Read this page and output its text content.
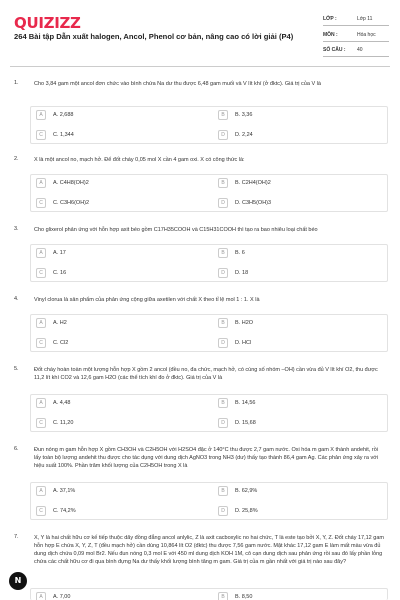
QUIZIZZ
264 Bài tập Dẫn xuất halogen, Ancol, Phenol cơ bản, nâng cao có lời giải (P4)
LỚP :	Lớp 11
MÔN :	Hóa học
SỐ CÂU : 40
1.	Cho 3,84 gam một ancol đơn chức vào bình chứa Na dư thu được 6,48 gam muối và V lít khí (ở đktc). Giá trị của V là
A	A. 2,688	B	B. 3,36
C	C. 1,344	D	D. 2,24
2.	X là một ancol no, mạch hở. Để đốt cháy 0,05 mol X cần 4 gam oxi. X có công thức là:
A	A. C4H8(OH)2	B	B. C2H4(OH)2
C	C. C3H6(OH)2	D	D. C3H5(OH)3
3.	Cho glixerol phản ứng với hỗn hợp axit béo gồm C17H35COOH và C15H31COOH thì tạo ra bao nhiêu loại chất béo
A	A. 17	B	B. 6
C	C. 16	D	D. 18
4.	Vinyl clorua là sản phẩm của phản ứng cộng giữa axetilen với chất X theo tỉ lệ mol 1 : 1. X là
A	A. H2	B	B. H2O
C	C. Cl2	D	D. HCl
5.	Đốt cháy hoàn toàn một lượng hỗn hợp X gồm 2 ancol (đều no, đa chức, mạch hở, có cùng số nhóm –OH) cần vừa đủ V lít khí O2, thu được 11,2 lít khí CO2 và 12,6 gam H2O (các thể tích khí đo ở đktc). Giá trị của V là
A	A. 4,48	B	B. 14,56
C	C. 11,20	D	D. 15,68
6.	Đun nóng m gam hỗn hợp X gồm CH3OH và C2H5OH với H2SO4 đặc ở 140°C thu được 2,7 gam nước. Oxi hóa m gam X thành andehit, rồi lấy toàn bộ lượng andehit thu được cho tác dụng với dung dịch AgNO3 trong NH3 (dư) thấy tạo thành 86,4 gam Ag. Các phản ứng xảy ra với hiệu suất 100%. Phần trăm khối lượng của C2H5OH trong X là
A	A. 37,1%	B	B. 62,9%
C	C. 74,2%	D	D. 25,8%
7.	X, Y là hai chất hữu cơ kế tiếp thuộc dãy đồng đẳng ancol anlylic, Z là axit cacboxylic no hai chức, T là este tạo bởi X, Y, Z. Đốt cháy 17,12 gam hỗn hợp E chứa X, Y, Z, T (đều mạch hở) cần dùng 10,864 lít O2 (đktc) thu được 7,56 gam nước. Mặt khác 17,12 gam E làm mất màu vừa đủ dung dịch chứa 0,09 mol Br2. Nếu đun nóng 0,3 mol E với 450 ml dung dịch KOH 1M, cô cạn dung dịch sau phản ứng rồi sau đó lấy phần lỏng chứa các chất hữu cơ đi qua bình đựng Na dư thấy khối lượng bình tăng m gam. Giá trị của m gần nhất với giá trị nào sau đây?
A	A. 7,00	B	B. 8,50
N
